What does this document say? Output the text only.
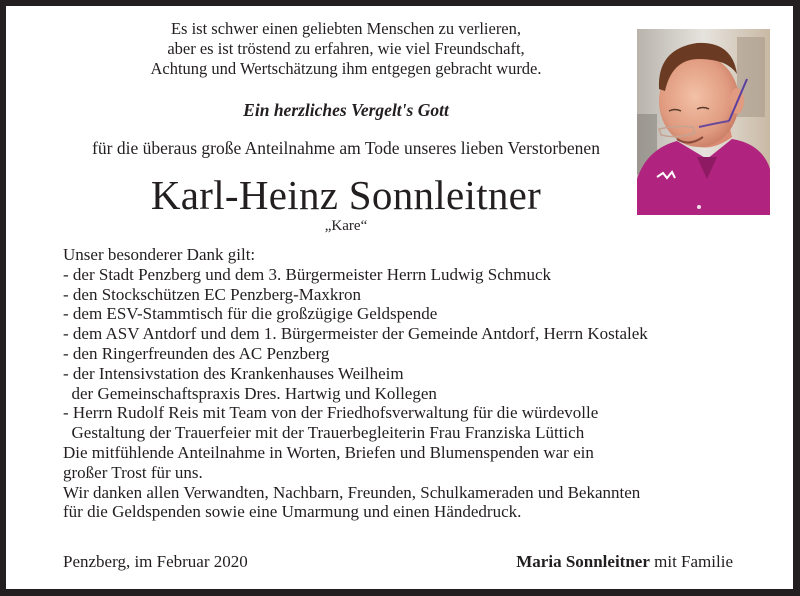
Es ist schwer einen geliebten Menschen zu verlieren,
aber es ist tröstend zu erfahren, wie viel Freundschaft,
Achtung und Wertschätzung ihm entgegen gebracht wurde.
Ein herzliches Vergelt's Gott
für die überaus große Anteilnahme am Tode unseres lieben Verstorbenen
Karl-Heinz Sonnleitner
„Kare“
Unser besonderer Dank gilt:
- der Stadt Penzberg und dem 3. Bürgermeister Herrn Ludwig Schmuck
- den Stockschützen EC Penzberg-Maxkron
- dem ESV-Stammtisch für die großzügige Geldspende
- dem ASV Antdorf und dem 1. Bürgermeister der Gemeinde Antdorf, Herrn Kostalek
- den Ringerfreunden des AC Penzberg
- der Intensivstation des Krankenhauses Weilheim
der Gemeinschaftspraxis Dres. Hartwig und Kollegen
- Herrn Rudolf Reis mit Team von der Friedhofsverwaltung für die würdevolle
Gestaltung der Trauerfeier mit der Trauerbegleiterin Frau Franziska Lüttich
Die mitfühlende Anteilnahme in Worten, Briefen und Blumenspenden war ein
großer Trost für uns.
Wir danken allen Verwandten, Nachbarn, Freunden, Schulkameraden und Bekannten
für die Geldspenden sowie eine Umarmung und einen Händedruck.
Penzberg, im Februar 2020	Maria Sonnleitner mit Familie
